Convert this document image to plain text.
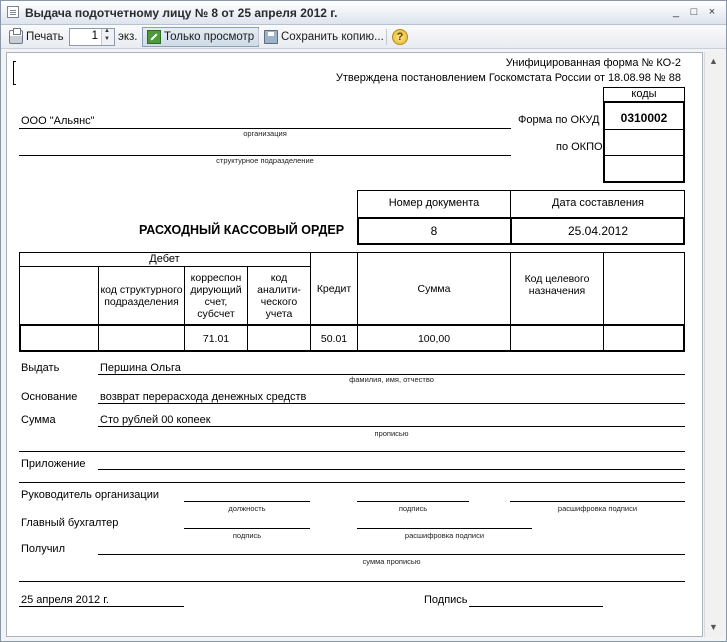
Выдача подотчетному лицу № 8 от 25 апреля 2012 г.	_ □ ×
Печать 1
▲ ▼ экз. Только просмотр Сохранить копию...	?
▲
▼
Унифицированная форма № КО-2
Утверждена постановлением Госкомстата России от 18.08.98 № 88
коды
Форма по ОКУД	0310002
по ОКПО
ООО "Альянс"
организация
структурное подразделение
Номер документа	Дата составления
РАСХОДНЫЙ КАССОВЫЙ ОРДЕР	8	25.04.2012
Дебет
код структурного подразделения
корреспон дирующий счет, субсчет
код аналити- ческого учета
Кредит	Сумма
Код целевого назначения
71.01	50.01	100,00
Выдать	Першина Ольга
фамилия, имя, отчество
Основание возврат перерасхода денежных средств
Сумма	Сто рублей 00 копеек
прописью
Приложение
Руководитель организации
должность	подпись	расшифровка подписи
Главный бухгалтер
подпись	расшифровка подписи
Получил
сумма прописью
25 апреля 2012 г.	Подпись
